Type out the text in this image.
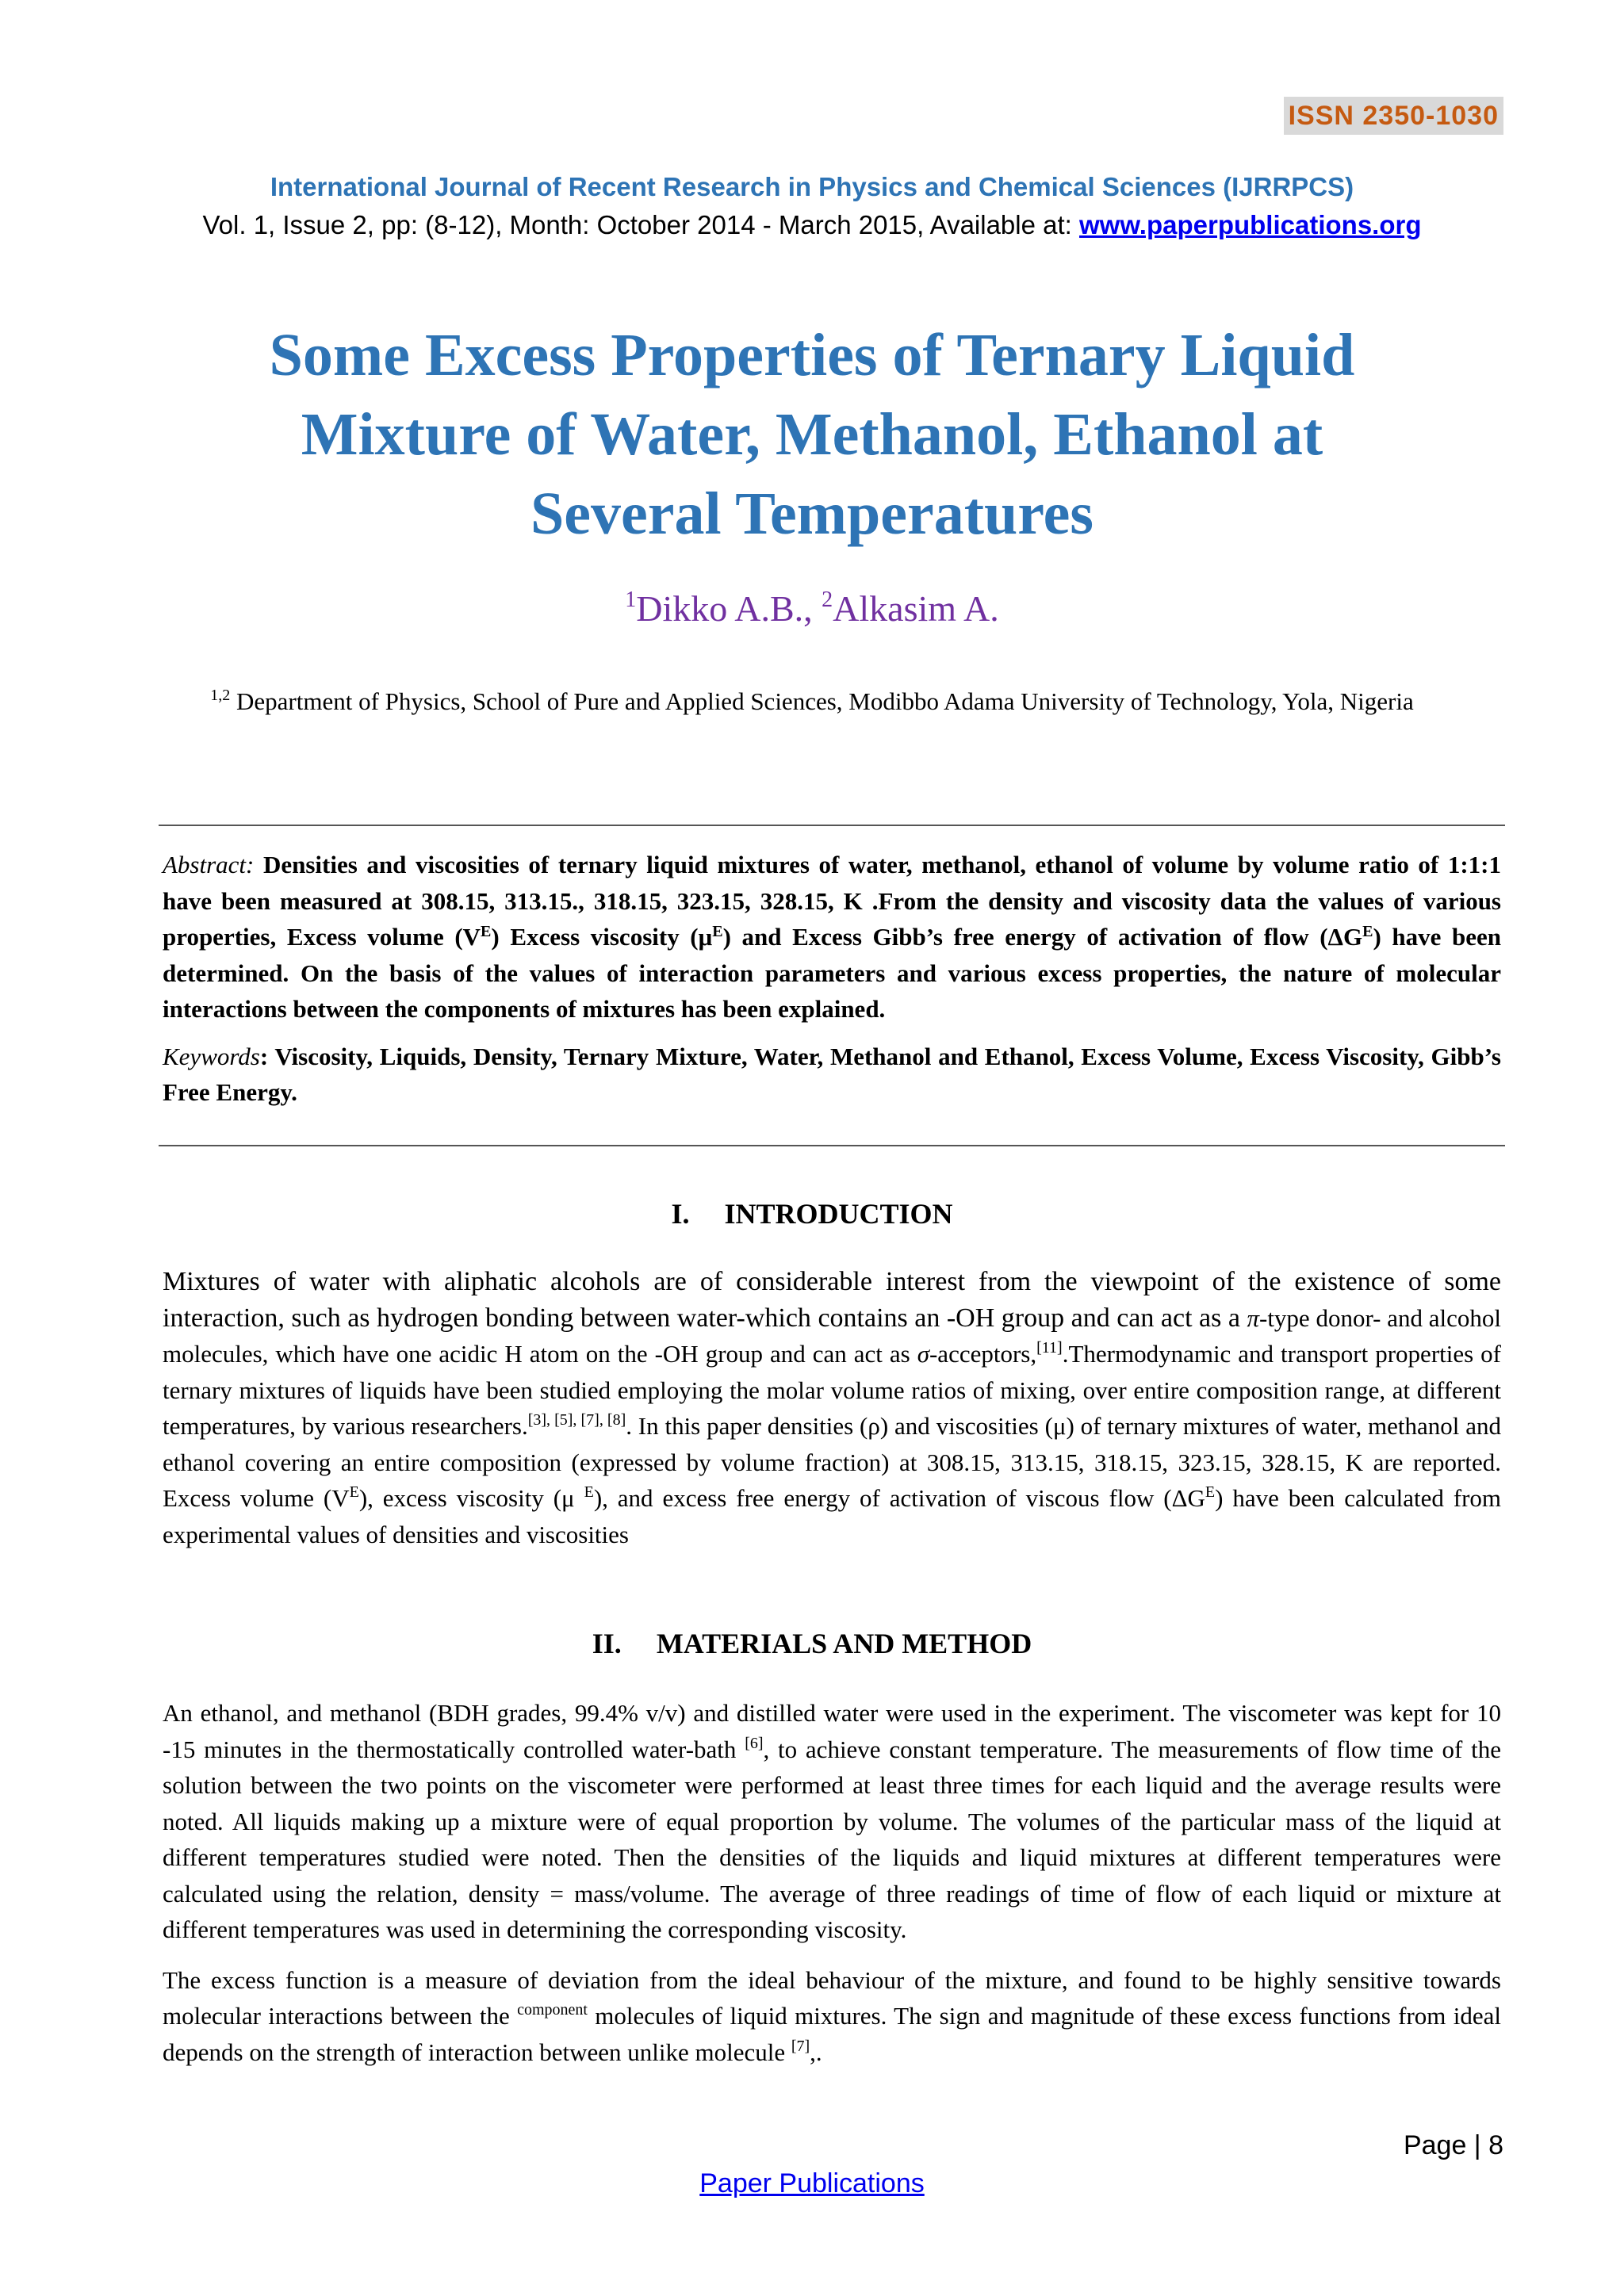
ISSN 2350-1030
International Journal of Recent Research in Physics and Chemical Sciences (IJRRPCS)
Vol. 1, Issue 2, pp: (8-12), Month: October 2014 - March 2015, Available at: www.paperpublications.org
Some Excess Properties of Ternary Liquid
Mixture of Water, Methanol, Ethanol at
Several Temperatures
$^1$Dikko A.B., $^2$Alkasim A.
$^{1,2}$ Department of Physics, School of Pure and Applied Sciences, Modibbo Adama University of Technology, Yola, Nigeria

Abstract: Densities and viscosities of ternary liquid mixtures of water, methanol, ethanol of volume by volume ratio of 1:1:1 have been measured at 308.15, 313.15., 318.15, 323.15, 328.15, K .From the density and viscosity data the values of various properties, Excess volume $(V^E)$ Excess viscosity $(\mu^E)$ and Excess Gibb’s free energy of activation of flow $(\Delta G^E)$ have been determined. On the basis of the values of interaction parameters and various excess properties, the nature of molecular interactions between the components of mixtures has been explained.

Keywords: Viscosity, Liquids, Density, Ternary Mixture, Water, Methanol and Ethanol, Excess Volume, Excess Viscosity, Gibb’s Free Energy.

I. INTRODUCTION

Mixtures of water with aliphatic alcohols are of considerable interest from the viewpoint of the existence of some interaction, such as hydrogen bonding between water-which contains an -OH group and can act as a π-type donor- and alcohol molecules, which have one acidic H atom on the -OH group and can act as σ-acceptors,[11].Thermodynamic and transport properties of ternary mixtures of liquids have been studied employing the molar volume ratios of mixing, over entire composition range, at different temperatures, by various researchers.[3], [5], [7], [8]. In this paper densities (ρ) and viscosities (μ) of ternary mixtures of water, methanol and ethanol covering an entire composition (expressed by volume fraction) at 308.15, 313.15, 318.15, 323.15, 328.15, K are reported. Excess volume $(V^E)$, excess viscosity (μ $^E$), and excess free energy of activation of viscous flow $(\Delta G^E)$ have been calculated from experimental values of densities and viscosities

II. MATERIALS AND METHOD

An ethanol, and methanol (BDH grades, 99.4% v/v) and distilled water were used in the experiment. The viscometer was kept for 10 -15 minutes in the thermostatically controlled water-bath [6], to achieve constant temperature. The measurements of flow time of the solution between the two points on the viscometer were performed at least three times for each liquid and the average results were noted. All liquids making up a mixture were of equal proportion by volume. The volumes of the particular mass of the liquid at different temperatures studied were noted. Then the densities of the liquids and liquid mixtures at different temperatures were calculated using the relation, density = mass/volume. The average of three readings of time of flow of each liquid or mixture at different temperatures was used in determining the corresponding viscosity.

The excess function is a measure of deviation from the ideal behaviour of the mixture, and found to be highly sensitive towards molecular interactions between the $^{component}$ molecules of liquid mixtures. The sign and magnitude of these excess functions from ideal depends on the strength of interaction between unlike molecule [7],.

Page | 8
Paper Publications
